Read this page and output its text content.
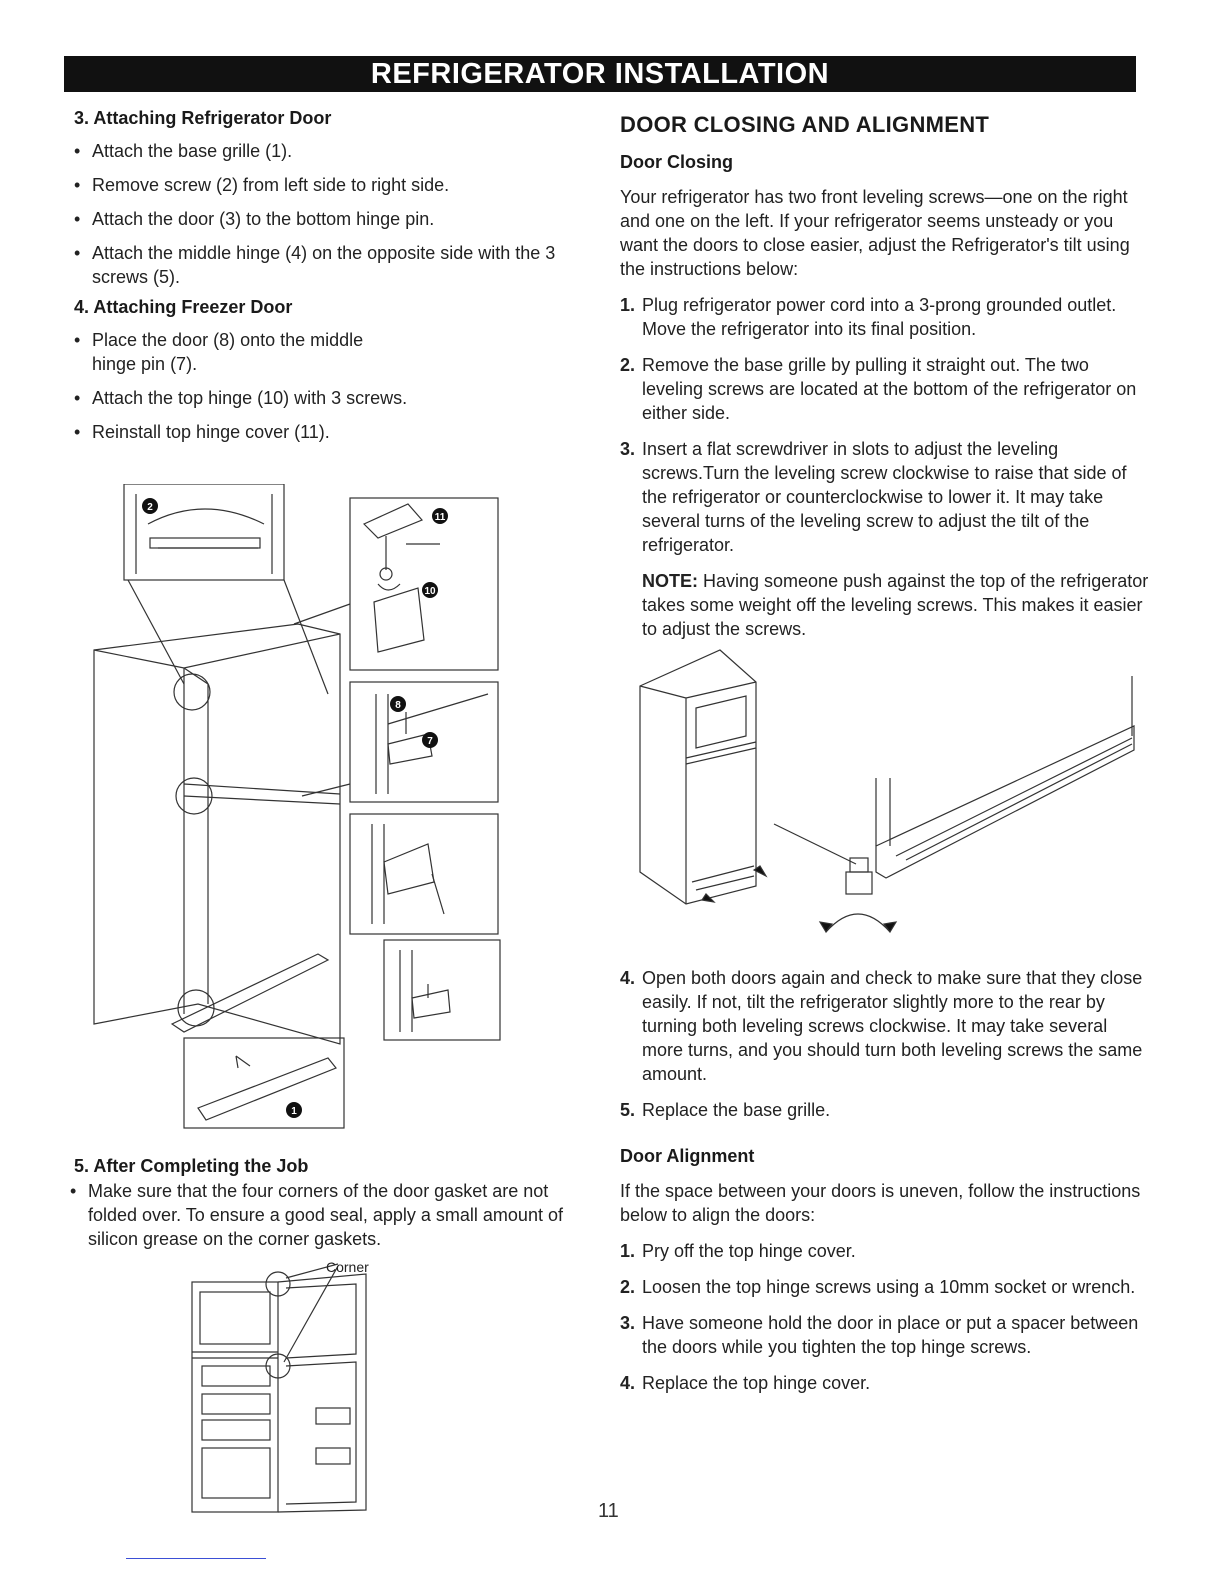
REFRIGERATOR INSTALLATION
3. Attaching Refrigerator Door
• Attach the base grille (1).
• Remove screw (2) from left side to right side.
• Attach the door (3) to the bottom hinge pin.
• Attach the middle hinge (4) on the opposite side with the 3 screws (5).
4. Attaching Freezer Door
• Place the door (8) onto the middle hinge pin (7).
• Attach the top hinge (10) with 3 screws.
• Reinstall top hinge cover (11).
2
11
10
8
7
1
5. After Completing the Job
• Make sure that the four corners of the door gasket are not folded over. To ensure a good seal, apply a small amount of silicon grease on the corner gaskets.
Corner
DOOR CLOSING AND ALIGNMENT
Door Closing

Your refrigerator has two front leveling screws—one on the right and one on the left. If your refrigerator seems unsteady or you want the doors to close easier, adjust the Refrigerator's tilt using the instructions below:

1. Plug refrigerator power cord into a 3-prong grounded outlet. Move the refrigerator into its final position.
2. Remove the base grille by pulling it straight out. The two leveling screws are located at the bottom of the refrigerator on either side.
3. Insert a flat screwdriver in slots to adjust the leveling screws.Turn the leveling screw clockwise to raise that side of the refrigerator or counterclockwise to lower it. It may take several turns of the leveling screw to adjust the tilt of the refrigerator.

NOTE: Having someone push against the top of the refrigerator takes some weight off the leveling screws. This makes it easier to adjust the screws.

4. Open both doors again and check to make sure that they close easily. If not, tilt the refrigerator slightly more to the rear by turning both leveling screws clockwise. It may take several more turns, and you should turn both leveling screws the same amount.
5. Replace the base grille.
Door Alignment

If the space between your doors is uneven, follow the instructions below to align the doors:

1. Pry off the top hinge cover.
2. Loosen the top hinge screws using a 10mm socket or wrench.
3. Have someone hold the door in place or put a spacer between the doors while you tighten the top hinge screws.
4. Replace the top hinge cover.
11
